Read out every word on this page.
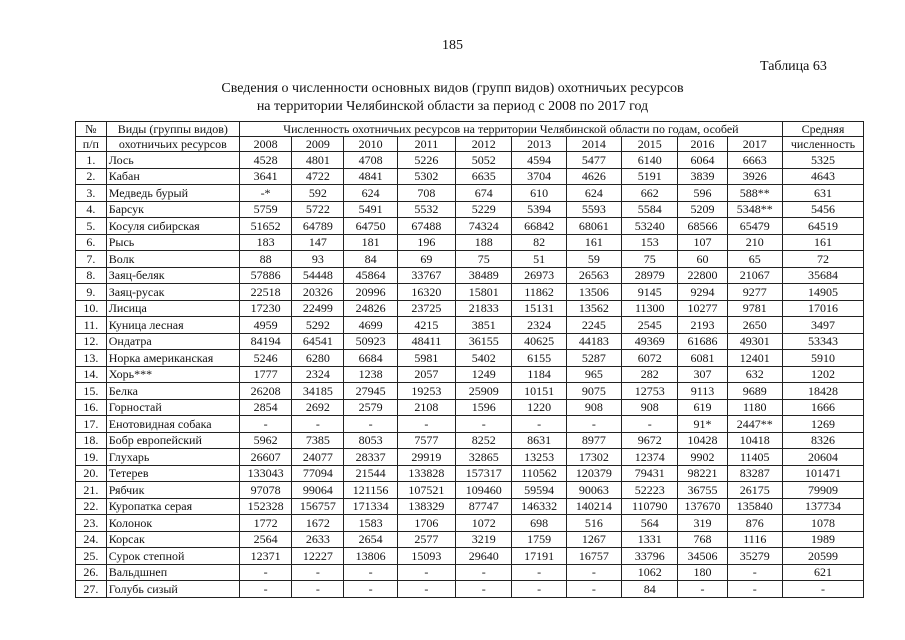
185
Таблица 63
Сведения о численности основных видов (групп видов) охотничьих ресурсов
на территории Челябинской области за период с 2008 по 2017 год
№	Виды (группы видов)	Численность охотничьих ресурсов на территории Челябинской области по годам, особей										Средняя
п/п	охотничьих ресурсов	2008	2009	2010	2011	2012	2013	2014	2015	2016	2017	численность
1.	Лось	4528	4801	4708	5226	5052	4594	5477	6140	6064	6663	5325
2.	Кабан	3641	4722	4841	5302	6635	3704	4626	5191	3839	3926	4643
3.	Медведь бурый	-*	592	624	708	674	610	624	662	596	588**	631
4.	Барсук	5759	5722	5491	5532	5229	5394	5593	5584	5209	5348**	5456
5.	Косуля сибирская	51652	64789	64750	67488	74324	66842	68061	53240	68566	65479	64519
6.	Рысь	183	147	181	196	188	82	161	153	107	210	161
7.	Волк	88	93	84	69	75	51	59	75	60	65	72
8.	Заяц-беляк	57886	54448	45864	33767	38489	26973	26563	28979	22800	21067	35684
9.	Заяц-русак	22518	20326	20996	16320	15801	11862	13506	9145	9294	9277	14905
10.	Лисица	17230	22499	24826	23725	21833	15131	13562	11300	10277	9781	17016
11.	Куница лесная	4959	5292	4699	4215	3851	2324	2245	2545	2193	2650	3497
12.	Ондатра	84194	64541	50923	48411	36155	40625	44183	49369	61686	49301	53343
13.	Норка американская	5246	6280	6684	5981	5402	6155	5287	6072	6081	12401	5910
14.	Хорь***	1777	2324	1238	2057	1249	1184	965	282	307	632	1202
15.	Белка	26208	34185	27945	19253	25909	10151	9075	12753	9113	9689	18428
16.	Горностай	2854	2692	2579	2108	1596	1220	908	908	619	1180	1666
17.	Енотовидная собака	-	-	-	-	-	-	-	-	91*	2447**	1269
18.	Бобр европейский	5962	7385	8053	7577	8252	8631	8977	9672	10428	10418	8326
19.	Глухарь	26607	24077	28337	29919	32865	13253	17302	12374	9902	11405	20604
20.	Тетерев	133043	77094	21544	133828	157317	110562	120379	79431	98221	83287	101471
21.	Рябчик	97078	99064	121156	107521	109460	59594	90063	52223	36755	26175	79909
22.	Куропатка серая	152328	156757	171334	138329	87747	146332	140214	110790	137670	135840	137734
23.	Колонок	1772	1672	1583	1706	1072	698	516	564	319	876	1078
24.	Корсак	2564	2633	2654	2577	3219	1759	1267	1331	768	1116	1989
25.	Сурок степной	12371	12227	13806	15093	29640	17191	16757	33796	34506	35279	20599
26.	Вальдшнеп	-	-	-	-	-	-	-	1062	180	-	621
27.	Голубь сизый	-	-	-	-	-	-	-	84	-	-	-
